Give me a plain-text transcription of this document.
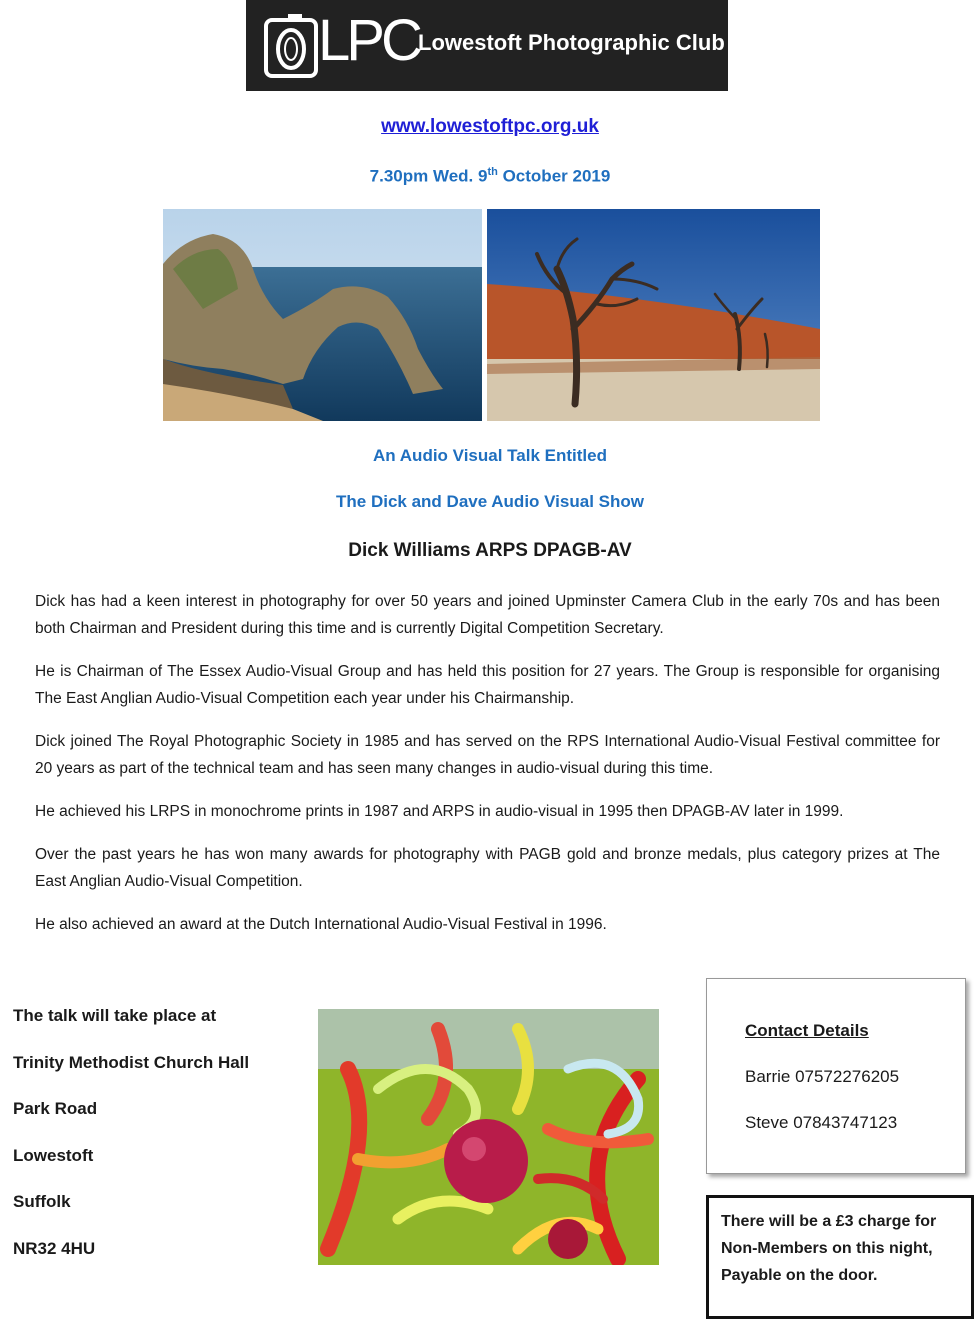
LPC Lowestoft Photographic Club
www.lowestoftpc.org.uk
7.30pm Wed. 9th October 2019
An Audio Visual Talk Entitled
The Dick and Dave Audio Visual Show
Dick Williams ARPS DPAGB-AV

Dick has had a keen interest in photography for over 50 years and joined Upminster Camera Club in the early 70s and has been both Chairman and President during this time and is currently Digital Competition Secretary.

He is Chairman of The Essex Audio-Visual Group and has held this position for 27 years. The Group is responsible for organising The East Anglian Audio-Visual Competition each year under his Chairmanship.

Dick joined The Royal Photographic Society in 1985 and has served on the RPS International Audio-Visual Festival committee for 20 years as part of the technical team and has seen many changes in audio-visual during this time.

He achieved his LRPS in monochrome prints in 1987 and ARPS in audio-visual in 1995 then DPAGB-AV later in 1999.

Over the past years he has won many awards for photography with PAGB gold and bronze medals, plus category prizes at The East Anglian Audio-Visual Competition.

He also achieved an award at the Dutch International Audio-Visual Festival in 1996.

The talk will take place at
Trinity Methodist Church Hall
Park Road
Lowestoft
Suffolk
NR32 4HU
Contact Details
Barrie 07572276205
Steve 07843747123
There will be a £3 charge for
Non-Members on this night,
Payable on the door.
